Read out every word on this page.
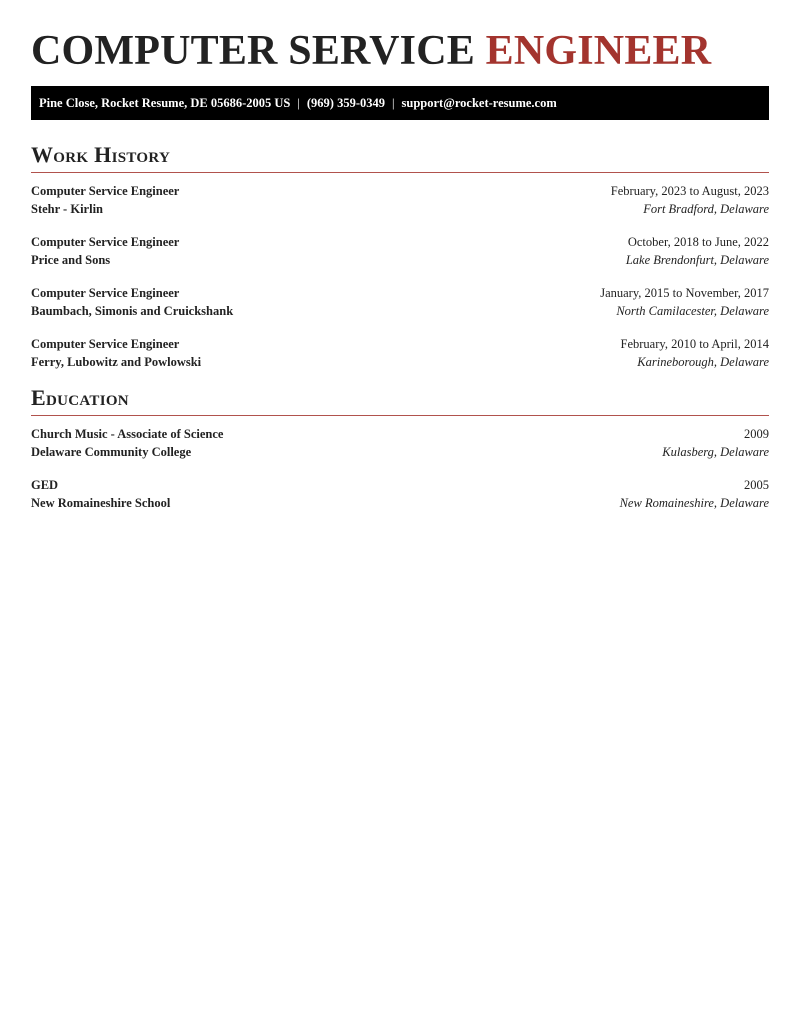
COMPUTER SERVICE ENGINEER
Pine Close, Rocket Resume, DE 05686-2005 US | (969) 359-0349 | support@rocket-resume.com
Work History
Computer Service Engineer	February, 2023 to August, 2023
Stehr - Kirlin	Fort Bradford, Delaware
Computer Service Engineer	October, 2018 to June, 2022
Price and Sons	Lake Brendonfurt, Delaware
Computer Service Engineer	January, 2015 to November, 2017
Baumbach, Simonis and Cruickshank	North Camilacester, Delaware
Computer Service Engineer	February, 2010 to April, 2014
Ferry, Lubowitz and Powlowski	Karineborough, Delaware
Education
Church Music - Associate of Science	2009
Delaware Community College	Kulasberg, Delaware
GED	2005
New Romaineshire School	New Romaineshire, Delaware
